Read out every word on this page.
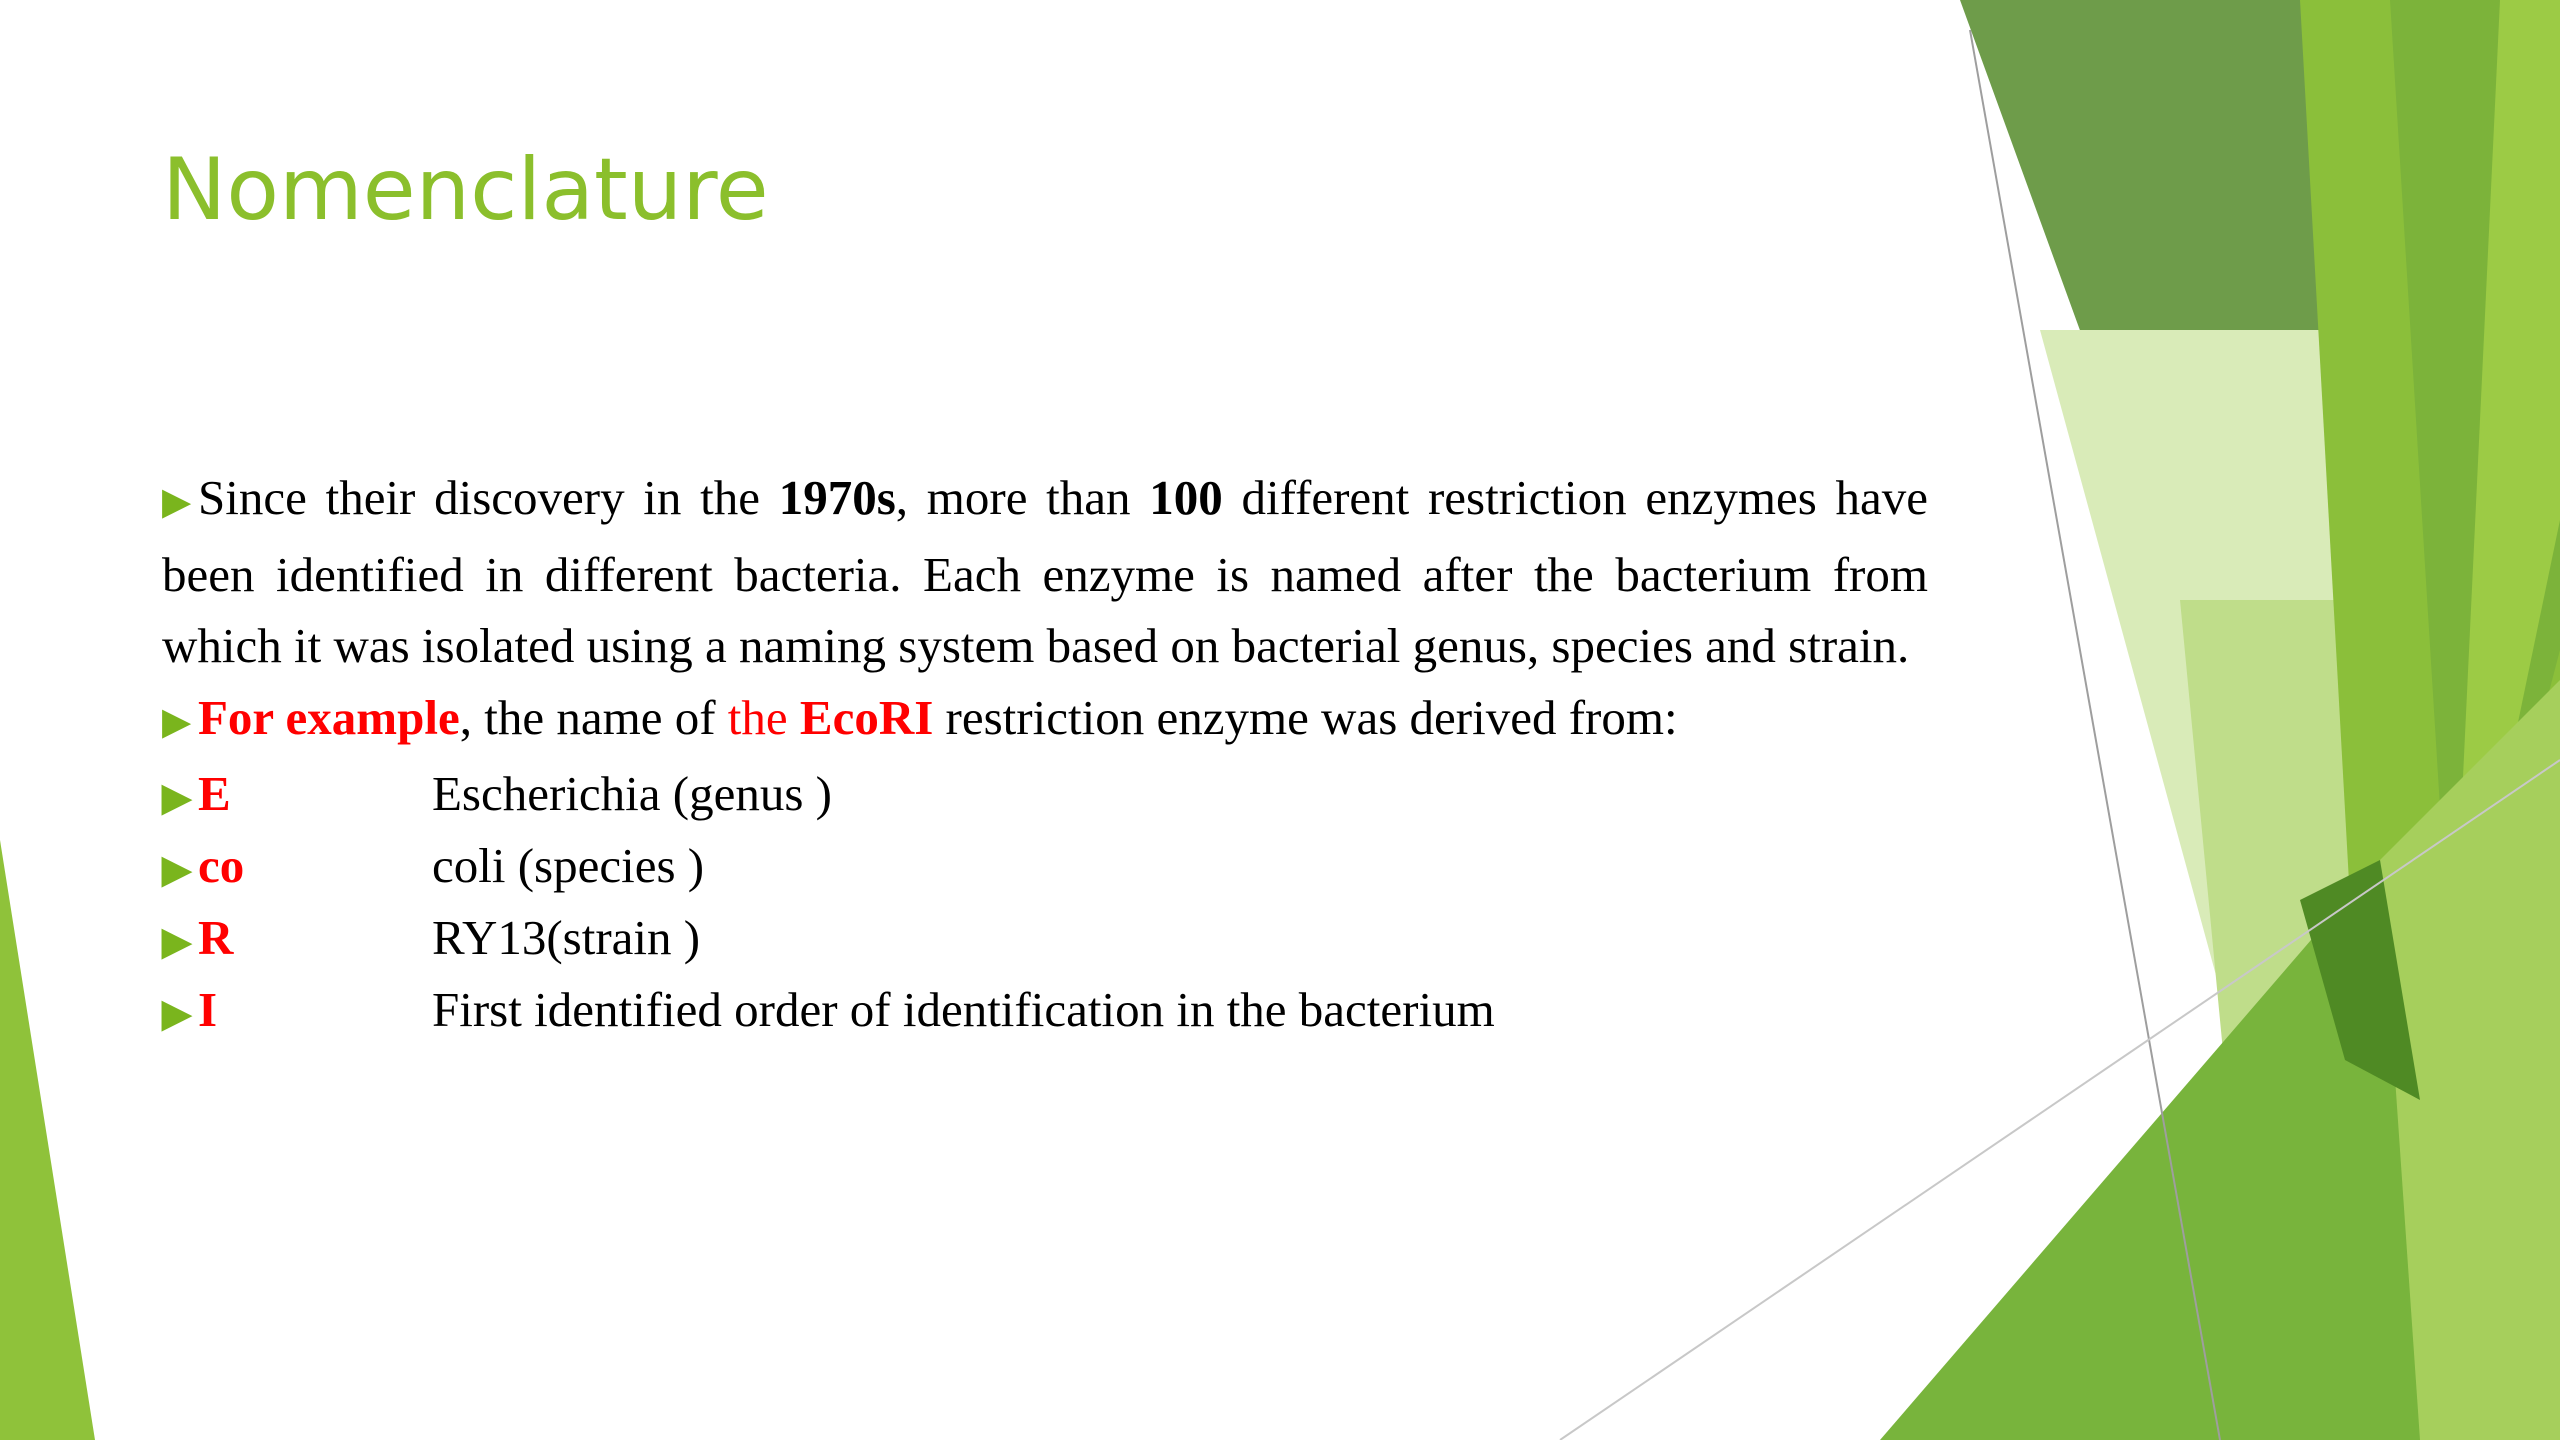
Nomenclature

▶ Since their discovery in the 1970s, more than 100 different restriction enzymes have been identified in different bacteria. Each enzyme is named after the bacterium from which it was isolated using a naming system based on bacterial genus, species and strain.

▶ For example, the name of the EcoRI restriction enzyme was derived from:

▶ E	Escherichia (genus )
▶ co	coli (species )
▶ R	RY13(strain )
▶ I	First identified order of identification in the bacterium
